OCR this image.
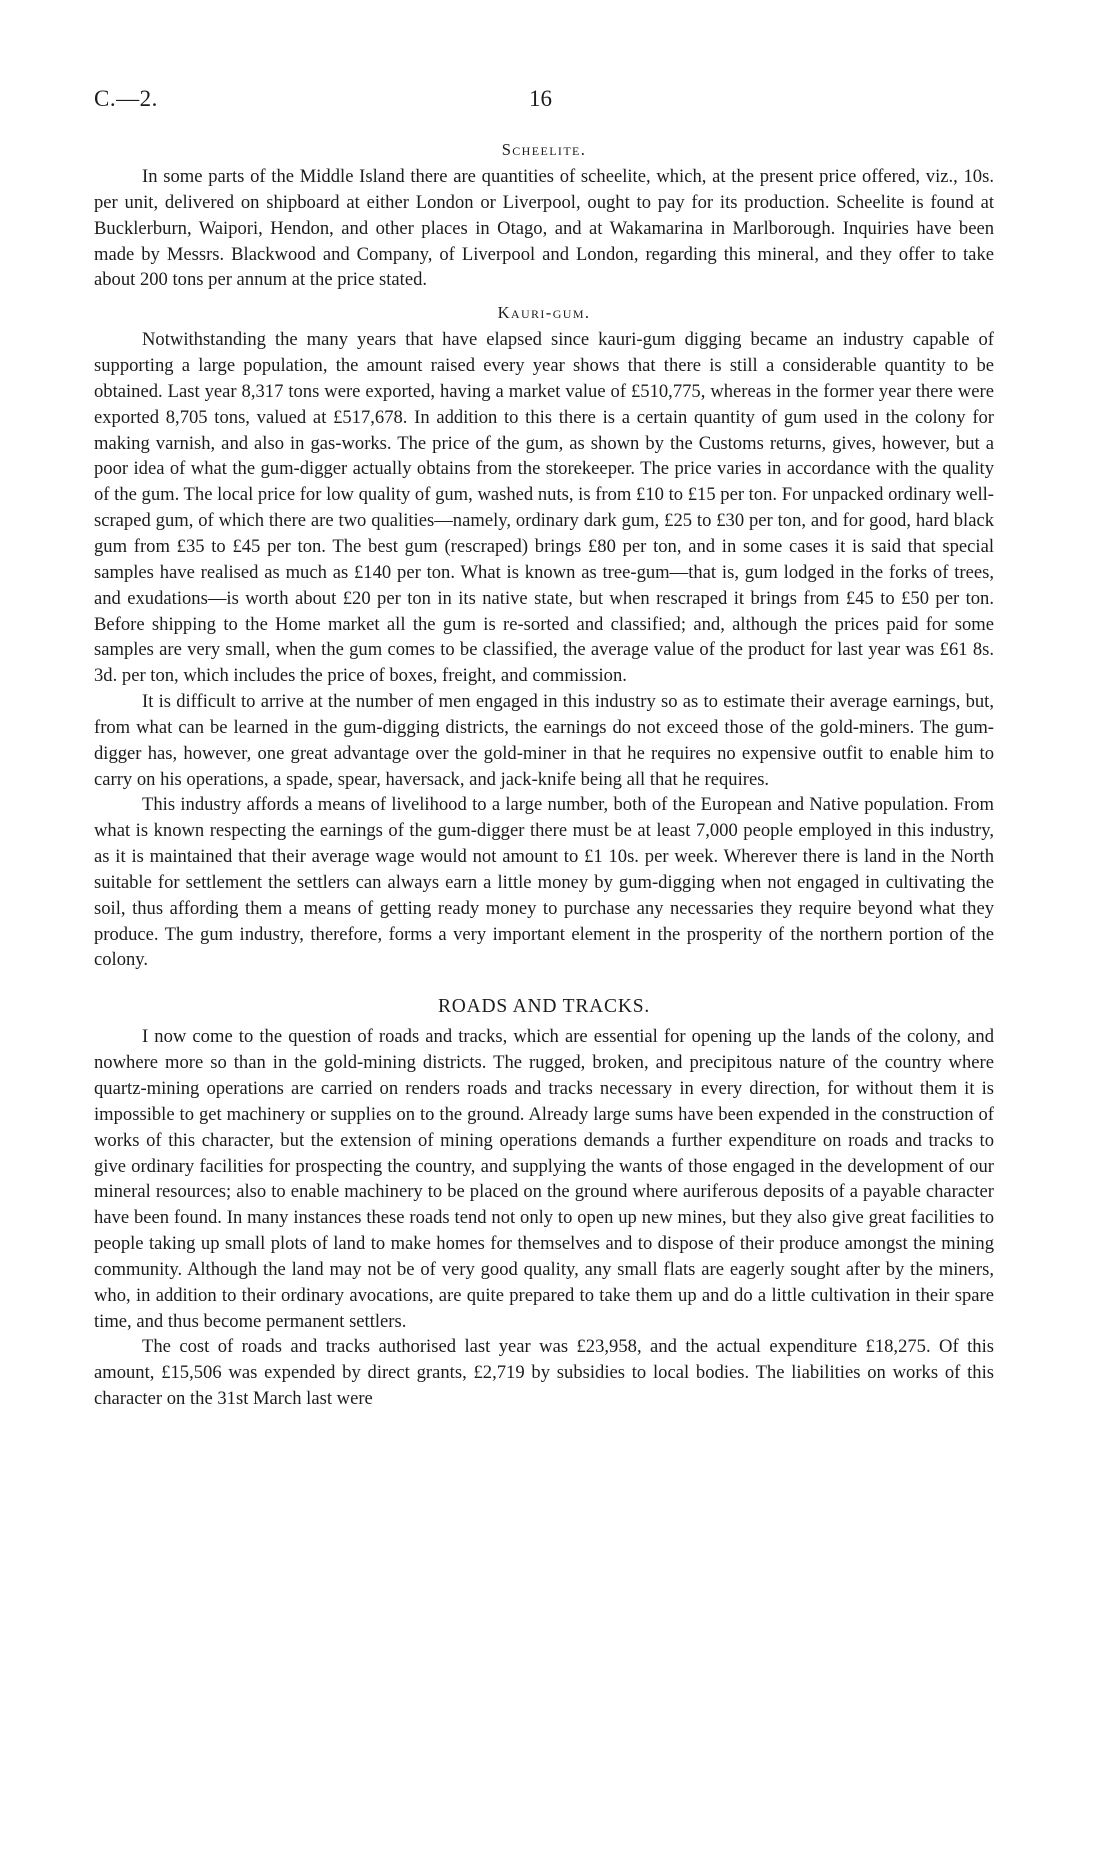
C.—2.	16
Scheelite.

In some parts of the Middle Island there are quantities of scheelite, which, at the present price offered, viz., 10s. per unit, delivered on shipboard at either London or Liverpool, ought to pay for its production. Scheelite is found at Bucklerburn, Waipori, Hendon, and other places in Otago, and at Wakamarina in Marlborough. Inquiries have been made by Messrs. Blackwood and Company, of Liverpool and London, regarding this mineral, and they offer to take about 200 tons per annum at the price stated.

Kauri-gum.

Notwithstanding the many years that have elapsed since kauri-gum digging became an industry capable of supporting a large population, the amount raised every year shows that there is still a considerable quantity to be obtained. Last year 8,317 tons were exported, having a market value of £510,775, whereas in the former year there were exported 8,705 tons, valued at £517,678. In addition to this there is a certain quantity of gum used in the colony for making varnish, and also in gas-works. The price of the gum, as shown by the Customs returns, gives, however, but a poor idea of what the gum-digger actually obtains from the storekeeper. The price varies in accordance with the quality of the gum. The local price for low quality of gum, washed nuts, is from £10 to £15 per ton. For unpacked ordinary well-scraped gum, of which there are two qualities—namely, ordinary dark gum, £25 to £30 per ton, and for good, hard black gum from £35 to £45 per ton. The best gum (rescraped) brings £80 per ton, and in some cases it is said that special samples have realised as much as £140 per ton. What is known as tree-gum—that is, gum lodged in the forks of trees, and exudations—is worth about £20 per ton in its native state, but when rescraped it brings from £45 to £50 per ton. Before shipping to the Home market all the gum is re-sorted and classified; and, although the prices paid for some samples are very small, when the gum comes to be classified, the average value of the product for last year was £61 8s. 3d. per ton, which includes the price of boxes, freight, and commission.

It is difficult to arrive at the number of men engaged in this industry so as to estimate their average earnings, but, from what can be learned in the gum-digging districts, the earnings do not exceed those of the gold-miners. The gum-digger has, however, one great advantage over the gold-miner in that he requires no expensive outfit to enable him to carry on his operations, a spade, spear, haversack, and jack-knife being all that he requires.

This industry affords a means of livelihood to a large number, both of the European and Native population. From what is known respecting the earnings of the gum-digger there must be at least 7,000 people employed in this industry, as it is maintained that their average wage would not amount to £1 10s. per week. Wherever there is land in the North suitable for settlement the settlers can always earn a little money by gum-digging when not engaged in cultivating the soil, thus affording them a means of getting ready money to purchase any necessaries they require beyond what they produce. The gum industry, therefore, forms a very important element in the prosperity of the northern portion of the colony.

ROADS AND TRACKS.

I now come to the question of roads and tracks, which are essential for opening up the lands of the colony, and nowhere more so than in the gold-mining districts. The rugged, broken, and precipitous nature of the country where quartz-mining operations are carried on renders roads and tracks necessary in every direction, for without them it is impossible to get machinery or supplies on to the ground. Already large sums have been expended in the construction of works of this character, but the extension of mining operations demands a further expenditure on roads and tracks to give ordinary facilities for prospecting the country, and supplying the wants of those engaged in the development of our mineral resources; also to enable machinery to be placed on the ground where auriferous deposits of a payable character have been found. In many instances these roads tend not only to open up new mines, but they also give great facilities to people taking up small plots of land to make homes for themselves and to dispose of their produce amongst the mining community. Although the land may not be of very good quality, any small flats are eagerly sought after by the miners, who, in addition to their ordinary avocations, are quite prepared to take them up and do a little cultivation in their spare time, and thus become permanent settlers.

The cost of roads and tracks authorised last year was £23,958, and the actual expenditure £18,275. Of this amount, £15,506 was expended by direct grants, £2,719 by subsidies to local bodies. The liabilities on works of this character on the 31st March last were
